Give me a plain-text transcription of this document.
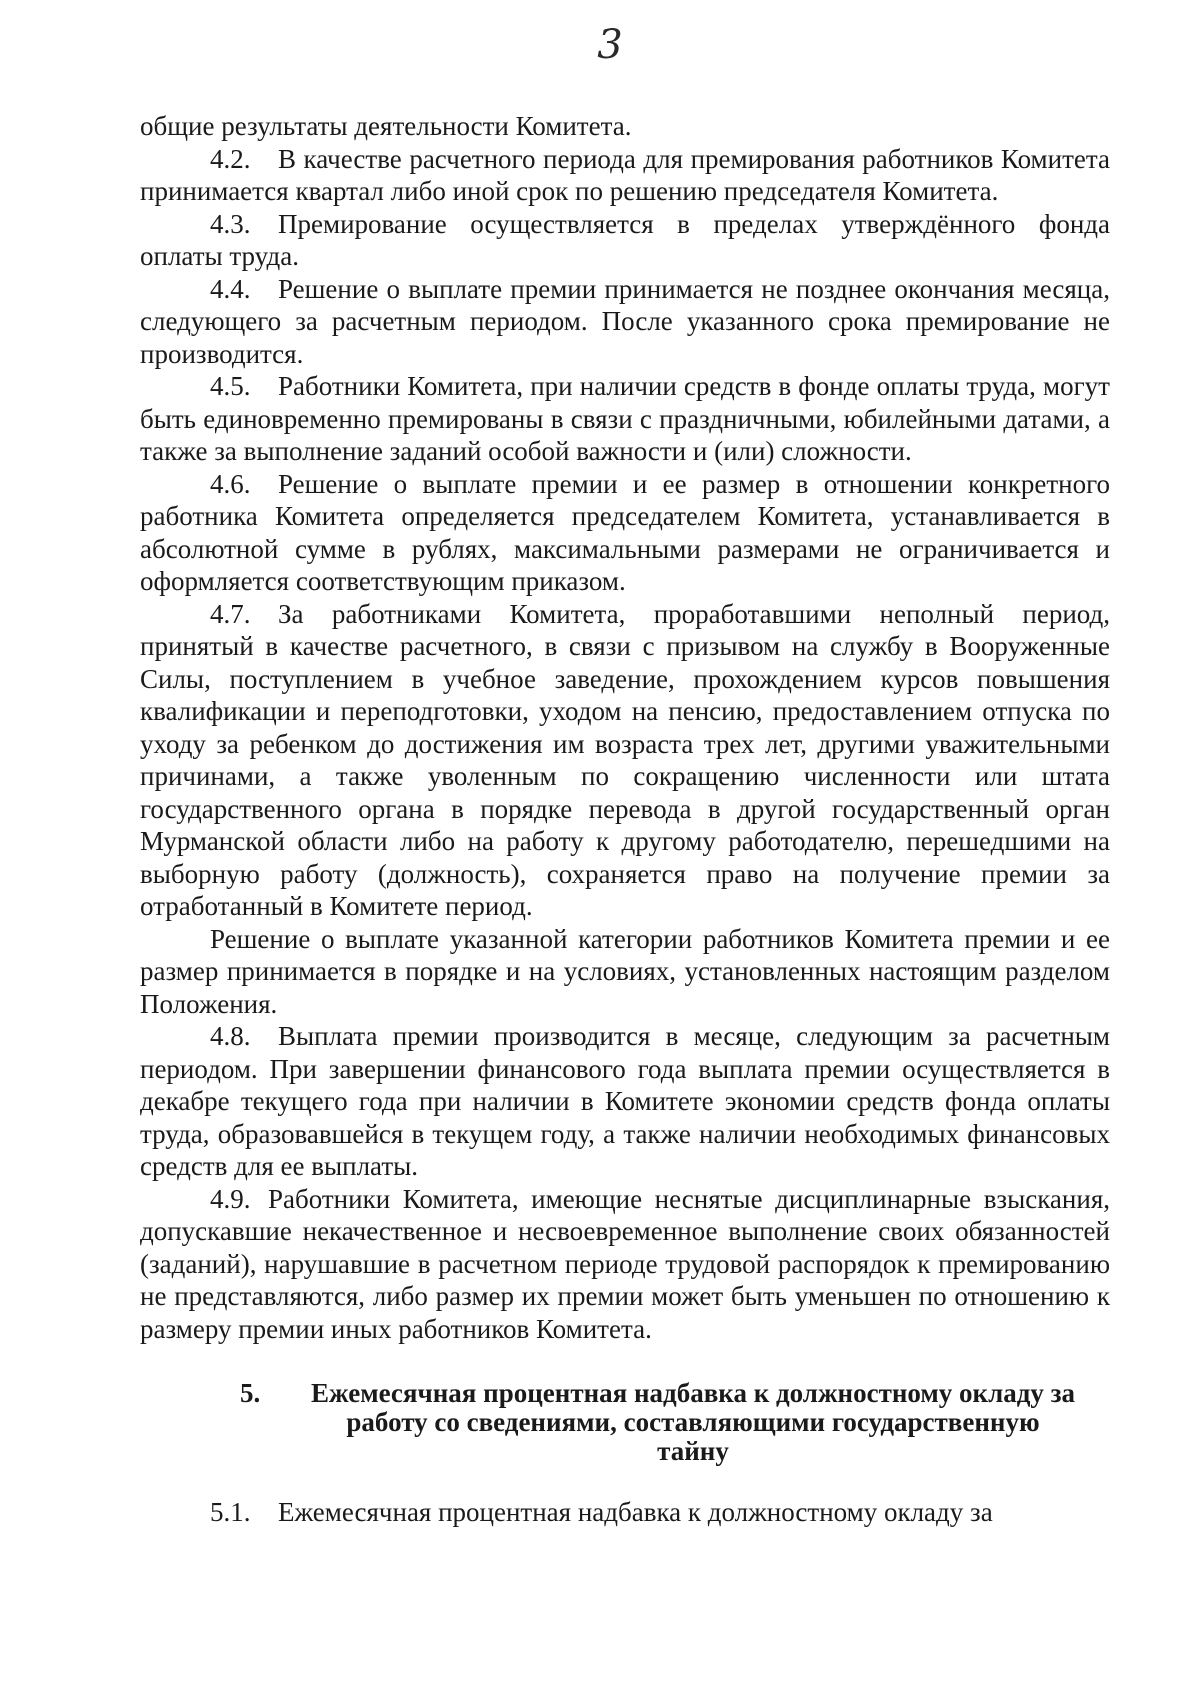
3

общие результаты деятельности Комитета.

4.2. В качестве расчетного периода для премирования работников Комитета принимается квартал либо иной срок по решению председателя Комитета.

4.3. Премирование осуществляется в пределах утверждённого фонда оплаты труда.

4.4. Решение о выплате премии принимается не позднее окончания месяца, следующего за расчетным периодом. После указанного срока премирование не производится.

4.5. Работники Комитета, при наличии средств в фонде оплаты труда, могут быть единовременно премированы в связи с праздничными, юбилейными датами, а также за выполнение заданий особой важности и (или) сложности.

4.6. Решение о выплате премии и ее размер в отношении конкретного работника Комитета определяется председателем Комитета, устанавливается в абсолютной сумме в рублях, максимальными размерами не ограничивается и оформляется соответствующим приказом.

4.7. За работниками Комитета, проработавшими неполный период, принятый в качестве расчетного, в связи с призывом на службу в Вооруженные Силы, поступлением в учебное заведение, прохождением курсов повышения квалификации и переподготовки, уходом на пенсию, предоставлением отпуска по уходу за ребенком до достижения им возраста трех лет, другими уважительными причинами, а также уволенным по сокращению численности или штата государственного органа в порядке перевода в другой государственный орган Мурманской области либо на работу к другому работодателю, перешедшими на выборную работу (должность), сохраняется право на получение премии за отработанный в Комитете период.

Решение о выплате указанной категории работников Комитета премии и ее размер принимается в порядке и на условиях, установленных настоящим разделом Положения.

4.8. Выплата премии производится в месяце, следующим за расчетным периодом. При завершении финансового года выплата премии осуществляется в декабре текущего года при наличии в Комитете экономии средств фонда оплаты труда, образовавшейся в текущем году, а также наличии необходимых финансовых средств для ее выплаты.

4.9. Работники Комитета, имеющие неснятые дисциплинарные взыскания, допускавшие некачественное и несвоевременное выполнение своих обязанностей (заданий), нарушавшие в расчетном периоде трудовой распорядок к премированию не представляются, либо размер их премии может быть уменьшен по отношению к размеру премии иных работников Комитета.

5.	Ежемесячная процентная надбавка к должностному окладу за работу со сведениями, составляющими государственную тайну

5.1. Ежемесячная процентная надбавка к должностному окладу за
